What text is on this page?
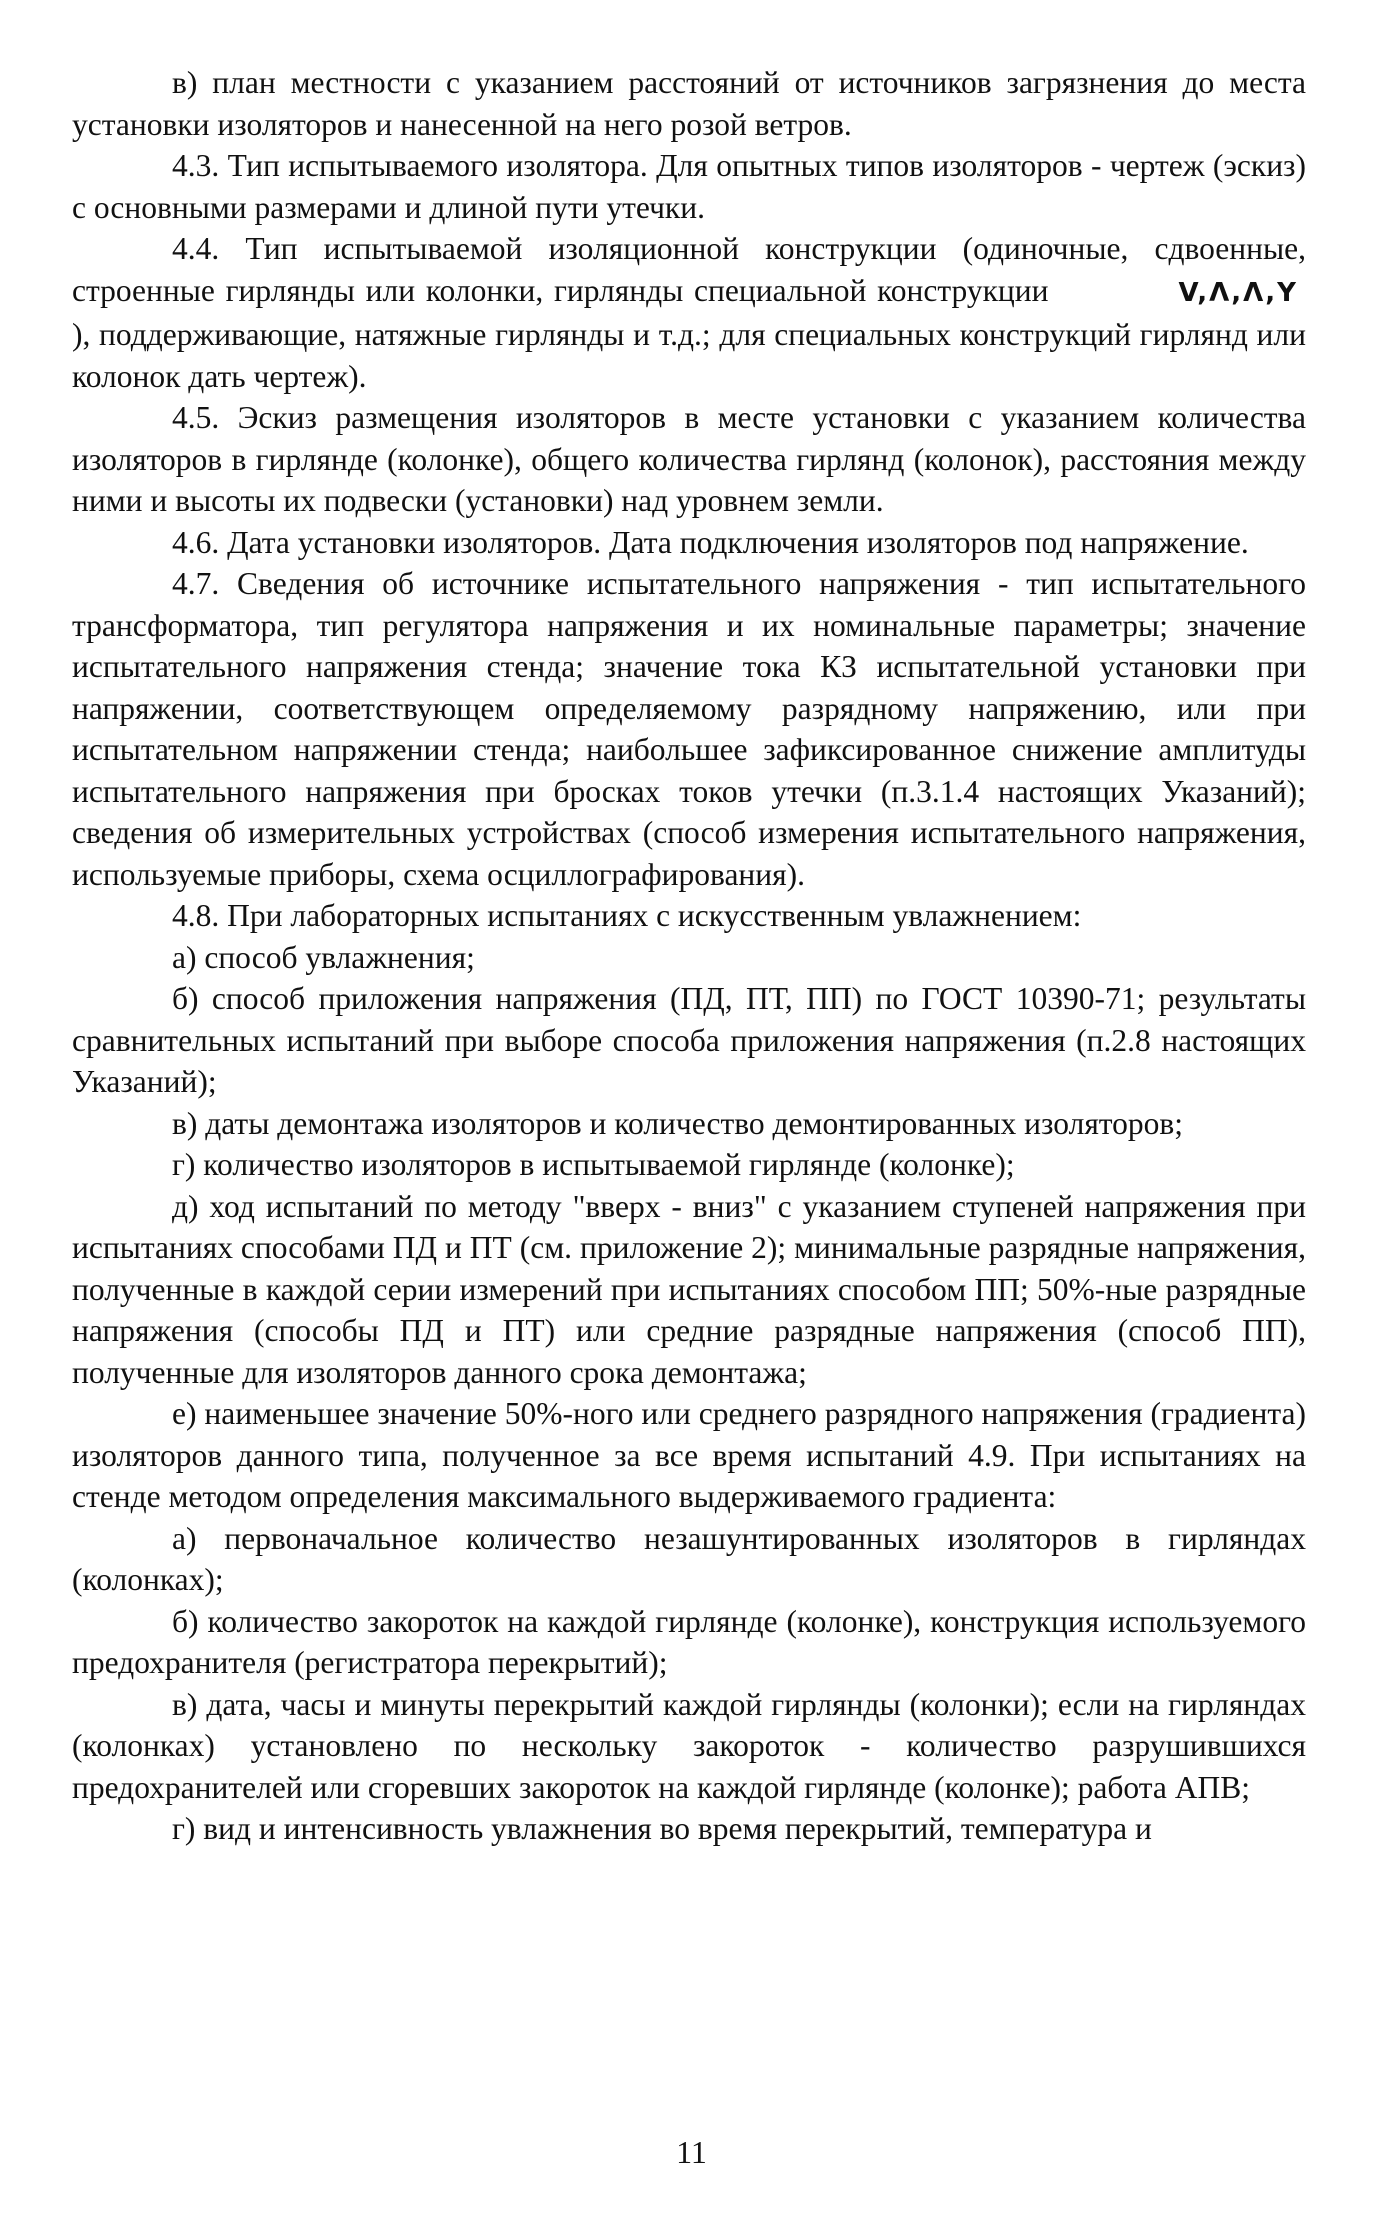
в) план местности с указанием расстояний от источников загрязнения до места установки изоляторов и нанесенной на него розой ветров.

4.3. Тип испытываемого изолятора. Для опытных типов изоляторов - чертеж (эскиз) с основными размерами и длиной пути утечки.

4.4. Тип испытываемой изоляционной конструкции (одиночные, сдвоенные, строенные гирлянды или колонки, гирлянды специальной конструкции	V,Λ,Ʌ,Y), поддерживающие, натяжные гирлянды и т.д.; для специальных конструкций гирлянд или колонок дать чертеж).

4.5. Эскиз размещения изоляторов в месте установки с указанием количества изоляторов в гирлянде (колонке), общего количества гирлянд (колонок), расстояния между ними и высоты их подвески (установки) над уровнем земли.

4.6. Дата установки изоляторов. Дата подключения изоляторов под напряжение.

4.7. Сведения об источнике испытательного напряжения - тип испытательного трансформатора, тип регулятора напряжения и их номинальные параметры; значение испытательного напряжения стенда; значение тока КЗ испытательной установки при напряжении, соответствующем определяемому разрядному напряжению, или при испытательном напряжении стенда; наибольшее зафиксированное снижение амплитуды испытательного напряжения при бросках токов утечки (п.3.1.4 настоящих Указаний); сведения об измерительных устройствах (способ измерения испытательного напряжения, используемые приборы, схема осциллографирования).

4.8. При лабораторных испытаниях с искусственным увлажнением:

а) способ увлажнения;

б) способ приложения напряжения (ПД, ПТ, ПП) по ГОСТ 10390-71; результаты сравнительных испытаний при выборе способа приложения напряжения (п.2.8 настоящих Указаний);

в) даты демонтажа изоляторов и количество демонтированных изоляторов;

г) количество изоляторов в испытываемой гирлянде (колонке);

д) ход испытаний по методу "вверх - вниз" с указанием ступеней напряжения при испытаниях способами ПД и ПТ (см. приложение 2); минимальные разрядные напряжения, полученные в каждой серии измерений при испытаниях способом ПП; 50%-ные разрядные напряжения (способы ПД и ПТ) или средние разрядные напряжения (способ ПП), полученные для изоляторов данного срока демонтажа;

е) наименьшее значение 50%-ного или среднего разрядного напряжения (градиента) изоляторов данного типа, полученное за все время испытаний 4.9. При испытаниях на стенде методом определения максимального выдерживаемого градиента:

а) первоначальное количество незашунтированных изоляторов в гирляндах (колонках);

б) количество закороток на каждой гирлянде (колонке), конструкция используемого предохранителя (регистратора перекрытий);

в) дата, часы и минуты перекрытий каждой гирлянды (колонки); если на гирляндах (колонках) установлено по нескольку закороток - количество разрушившихся предохранителей или сгоревших закороток на каждой гирлянде (колонке); работа АПВ;

г) вид и интенсивность увлажнения во время перекрытий, температура и

11
